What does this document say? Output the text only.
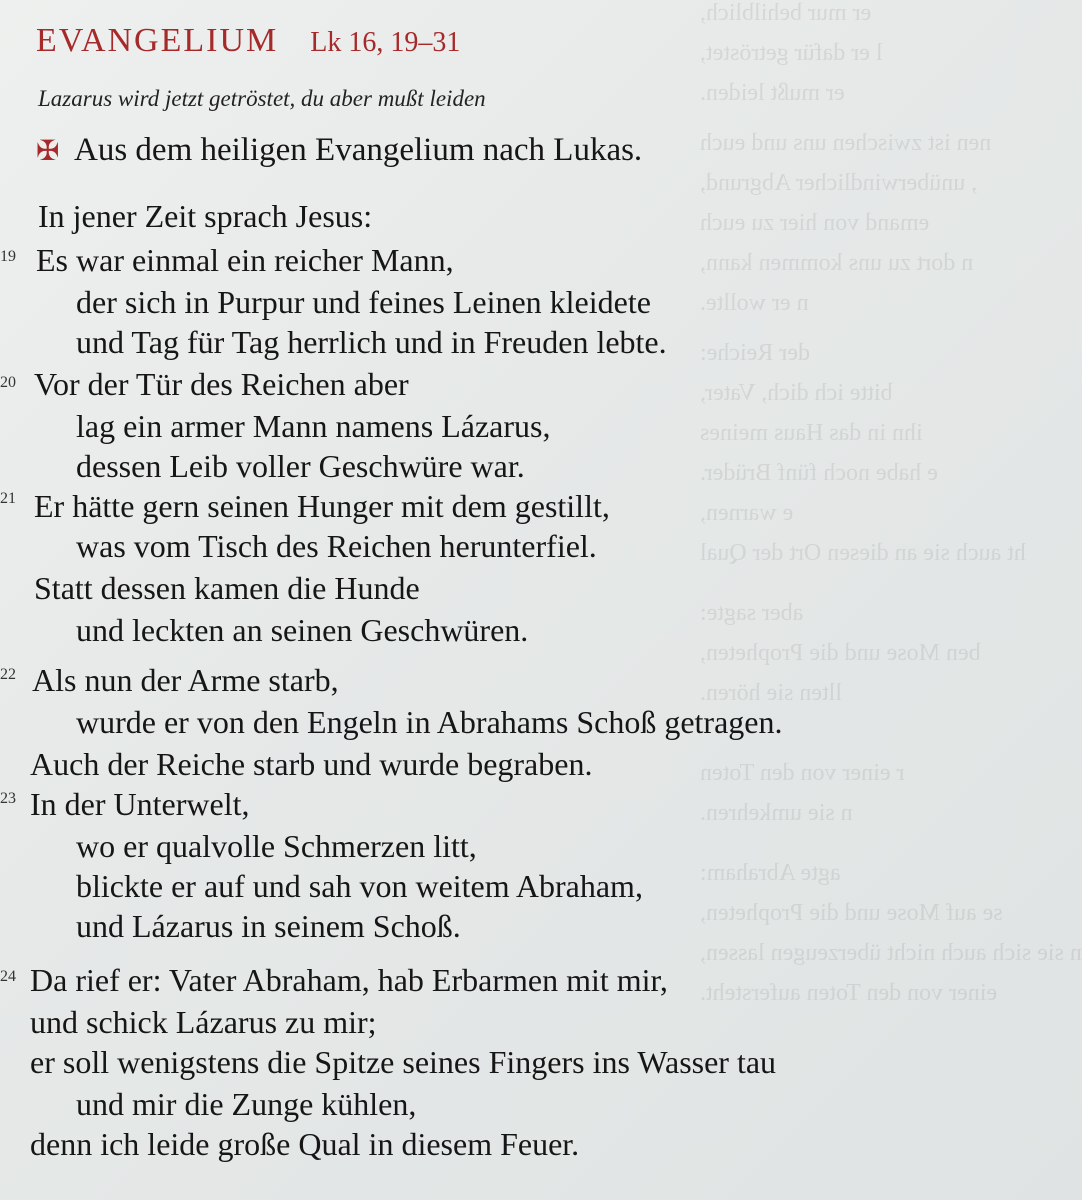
er mur behilblich,
l er dafür getröstet,
er mußt leiden.
nen ist zwischen uns und euch
, unüberwindlicher Abgrund,
emand von hier zu euch
n dort zu uns kommen kann,
n er wollte.
der Reiche:
bitte ich dich, Vater,
ihn in das Haus meines
e habe noch fünf Brüder.
e warnen,
ht auch sie an diesen Ort der Qual
aber sagte:
ben Mose und die Propheten,
llten sie hören.
r einer von den Toten
n sie umkehren.
agte Abraham:
se auf Mose und die Propheten,
n sie sich auch nicht überzeugen lassen,
einer von den Toten aufersteht.
EVANGELIUM Lk 16, 19–31
Lazarus wird jetzt getröstet, du aber mußt leiden
✠ Aus dem heiligen Evangelium nach Lukas.
19
20
21
22
23
24
In jener Zeit sprach Jesus:
Es war einmal ein reicher Mann,
der sich in Purpur und feines Leinen kleidete
und Tag für Tag herrlich und in Freuden lebte.
Vor der Tür des Reichen aber
lag ein armer Mann namens Lázarus,
dessen Leib voller Geschwüre war.
Er hätte gern seinen Hunger mit dem gestillt,
was vom Tisch des Reichen herunterfiel.
Statt dessen kamen die Hunde
und leckten an seinen Geschwüren.
Als nun der Arme starb,
wurde er von den Engeln in Abrahams Schoß getragen.
Auch der Reiche starb und wurde begraben.
In der Unterwelt,
wo er qualvolle Schmerzen litt,
blickte er auf und sah von weitem Abraham,
und Lázarus in seinem Schoß.
Da rief er: Vater Abraham, hab Erbarmen mit mir,
und schick Lázarus zu mir;
er soll wenigstens die Spitze seines Fingers ins Wasser tau
und mir die Zunge kühlen,
denn ich leide große Qual in diesem Feuer.
